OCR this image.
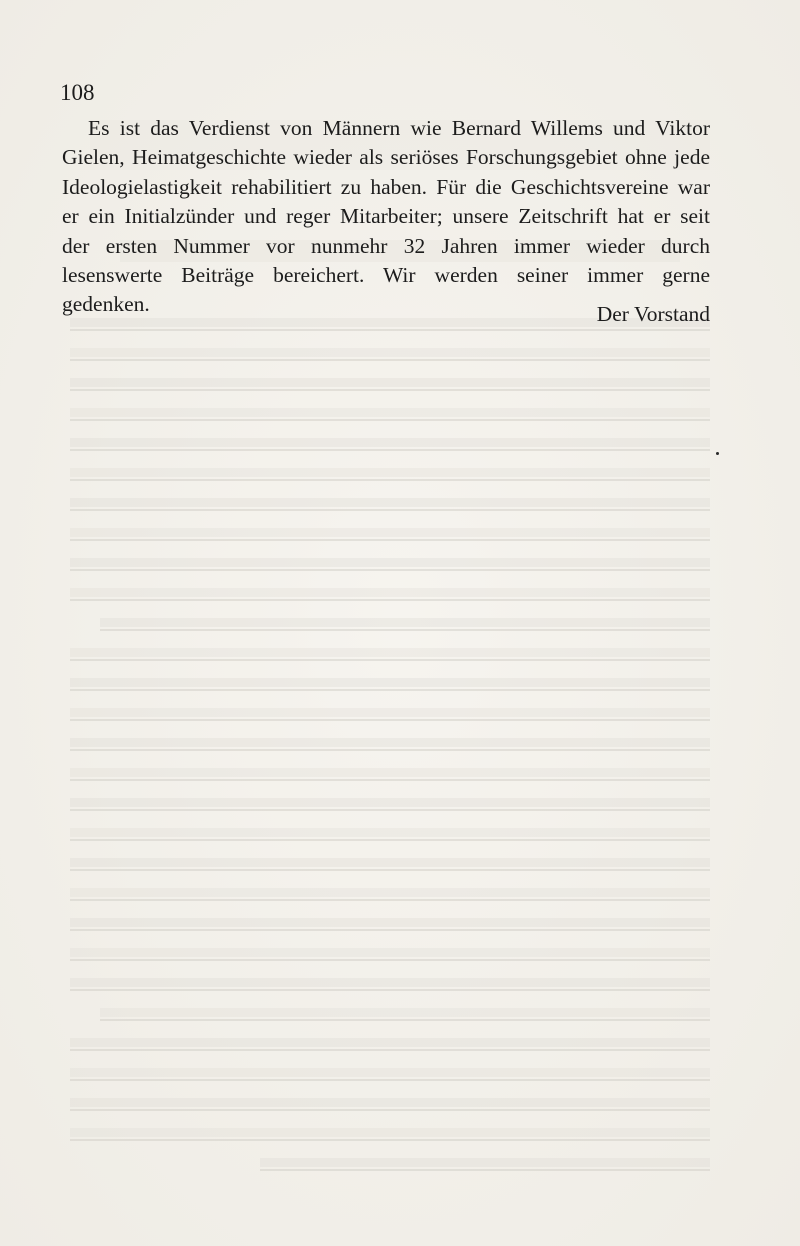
108

Es ist das Verdienst von Männern wie Bernard Willems und Viktor
Gielen, Heimatgeschichte wieder als seriöses Forschungsgebiet ohne jede
Ideologielastigkeit rehabilitiert zu haben. Für die Geschichtsvereine war
er ein Initialzünder und reger Mitarbeiter; unsere Zeitschrift hat er seit
der ersten Nummer vor nunmehr 32 Jahren immer wieder durch
lesenswerte Beiträge bereichert. Wir werden seiner immer gerne
gedenken.	Der Vorstand
